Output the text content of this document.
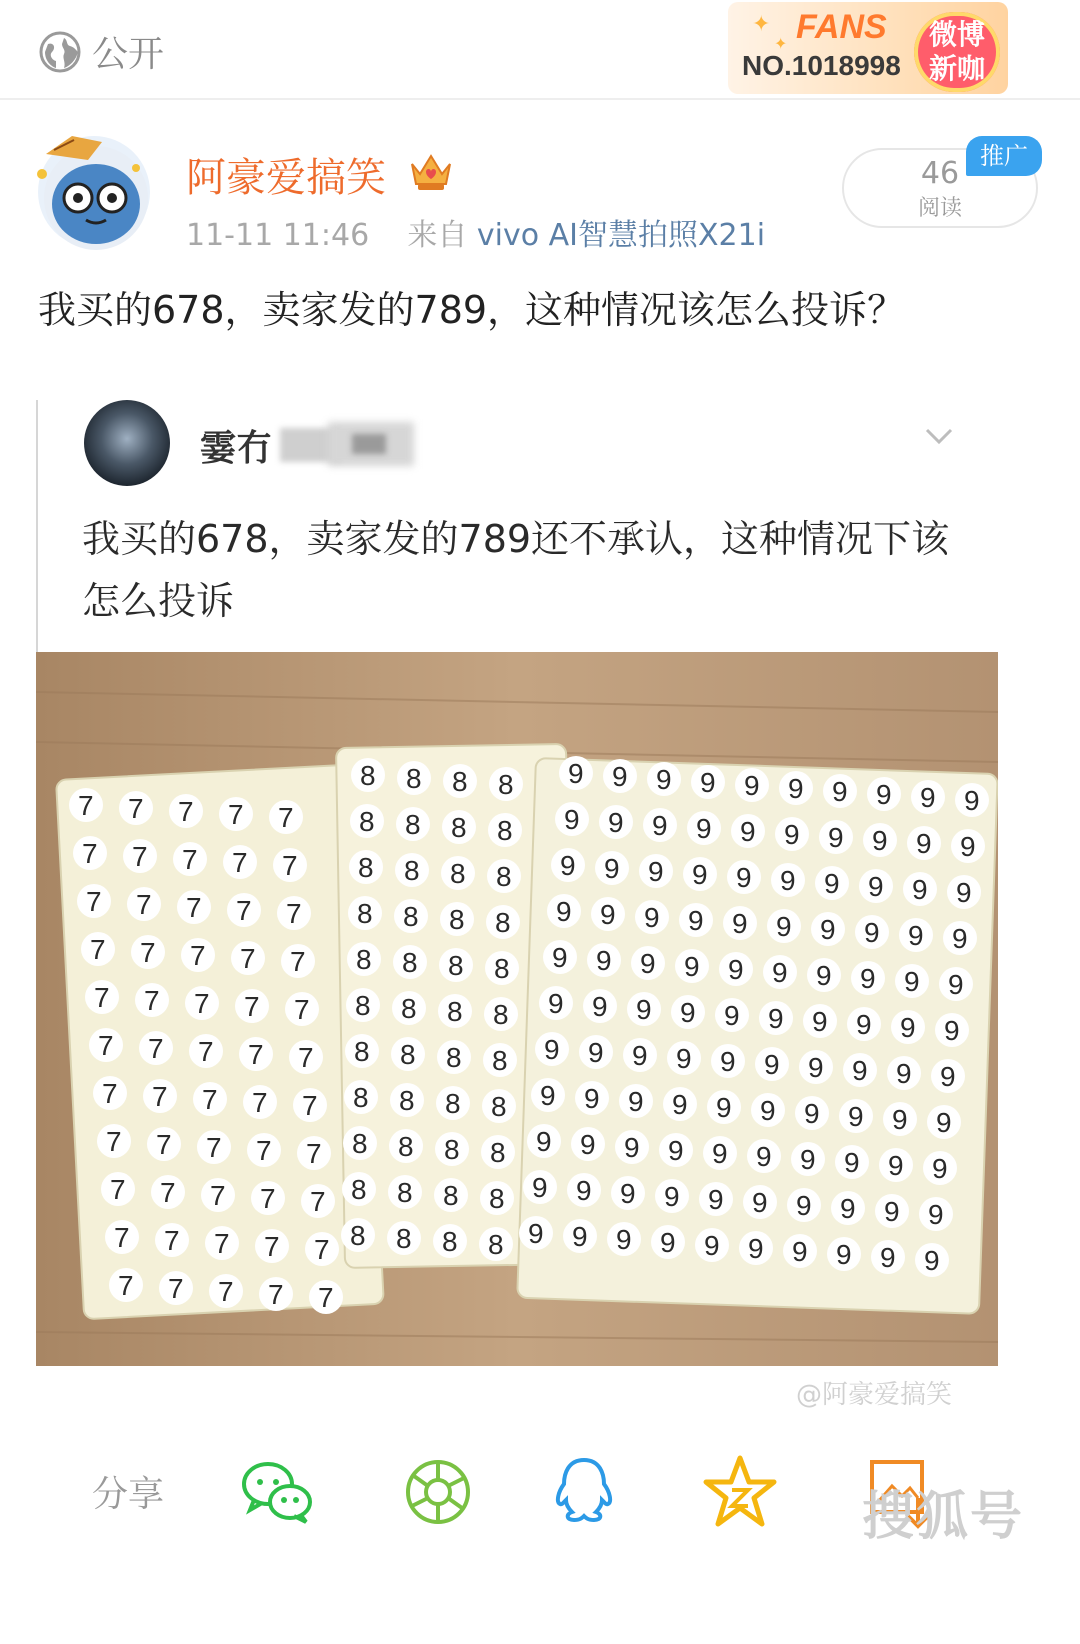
公开
✦
✦ FANS
NO.1018998
微博
新咖
阿豪爱搞笑
11-11 11:46 来自 vivo AI智慧拍照X21i
46
阅读
推广
我买的678，卖家发的789，这种情况该怎么投诉？
霎冇
我买的678，卖家发的789还不承认，这种情况下该怎么投诉
7 7 7 7 7
7 7 7 7 7
7 7 7 7 7
7 7 7 7 7
7 7 7 7 7
7 7 7 7 7
7 7 7 7 7
7 7 7 7 7
7 7 7 7 7
7 7 7 7 7
7 7 7 7 7
8 8 8 8
8 8 8 8
8 8 8 8
8 8 8 8
8 8 8 8
8 8 8 8
8 8 8 8
8 8 8 8
8 8 8 8
8 8 8 8
8 8 8 8
9 9 9 9 9 9 9 9 9 9
9 9 9 9 9 9 9 9 9 9
9 9 9 9 9 9 9 9 9 9
9 9 9 9 9 9 9 9 9 9
9 9 9 9 9 9 9 9 9 9
9 9 9 9 9 9 9 9 9 9
9 9 9 9 9 9 9 9 9 9
9 9 9 9 9 9 9 9 9 9
9 9 9 9 9 9 9 9 9 9
9 9 9 9 9 9 9 9 9 9
9 9 9 9 9 9 9 9 9 9
@阿豪爱搞笑
分享	搜狐号
